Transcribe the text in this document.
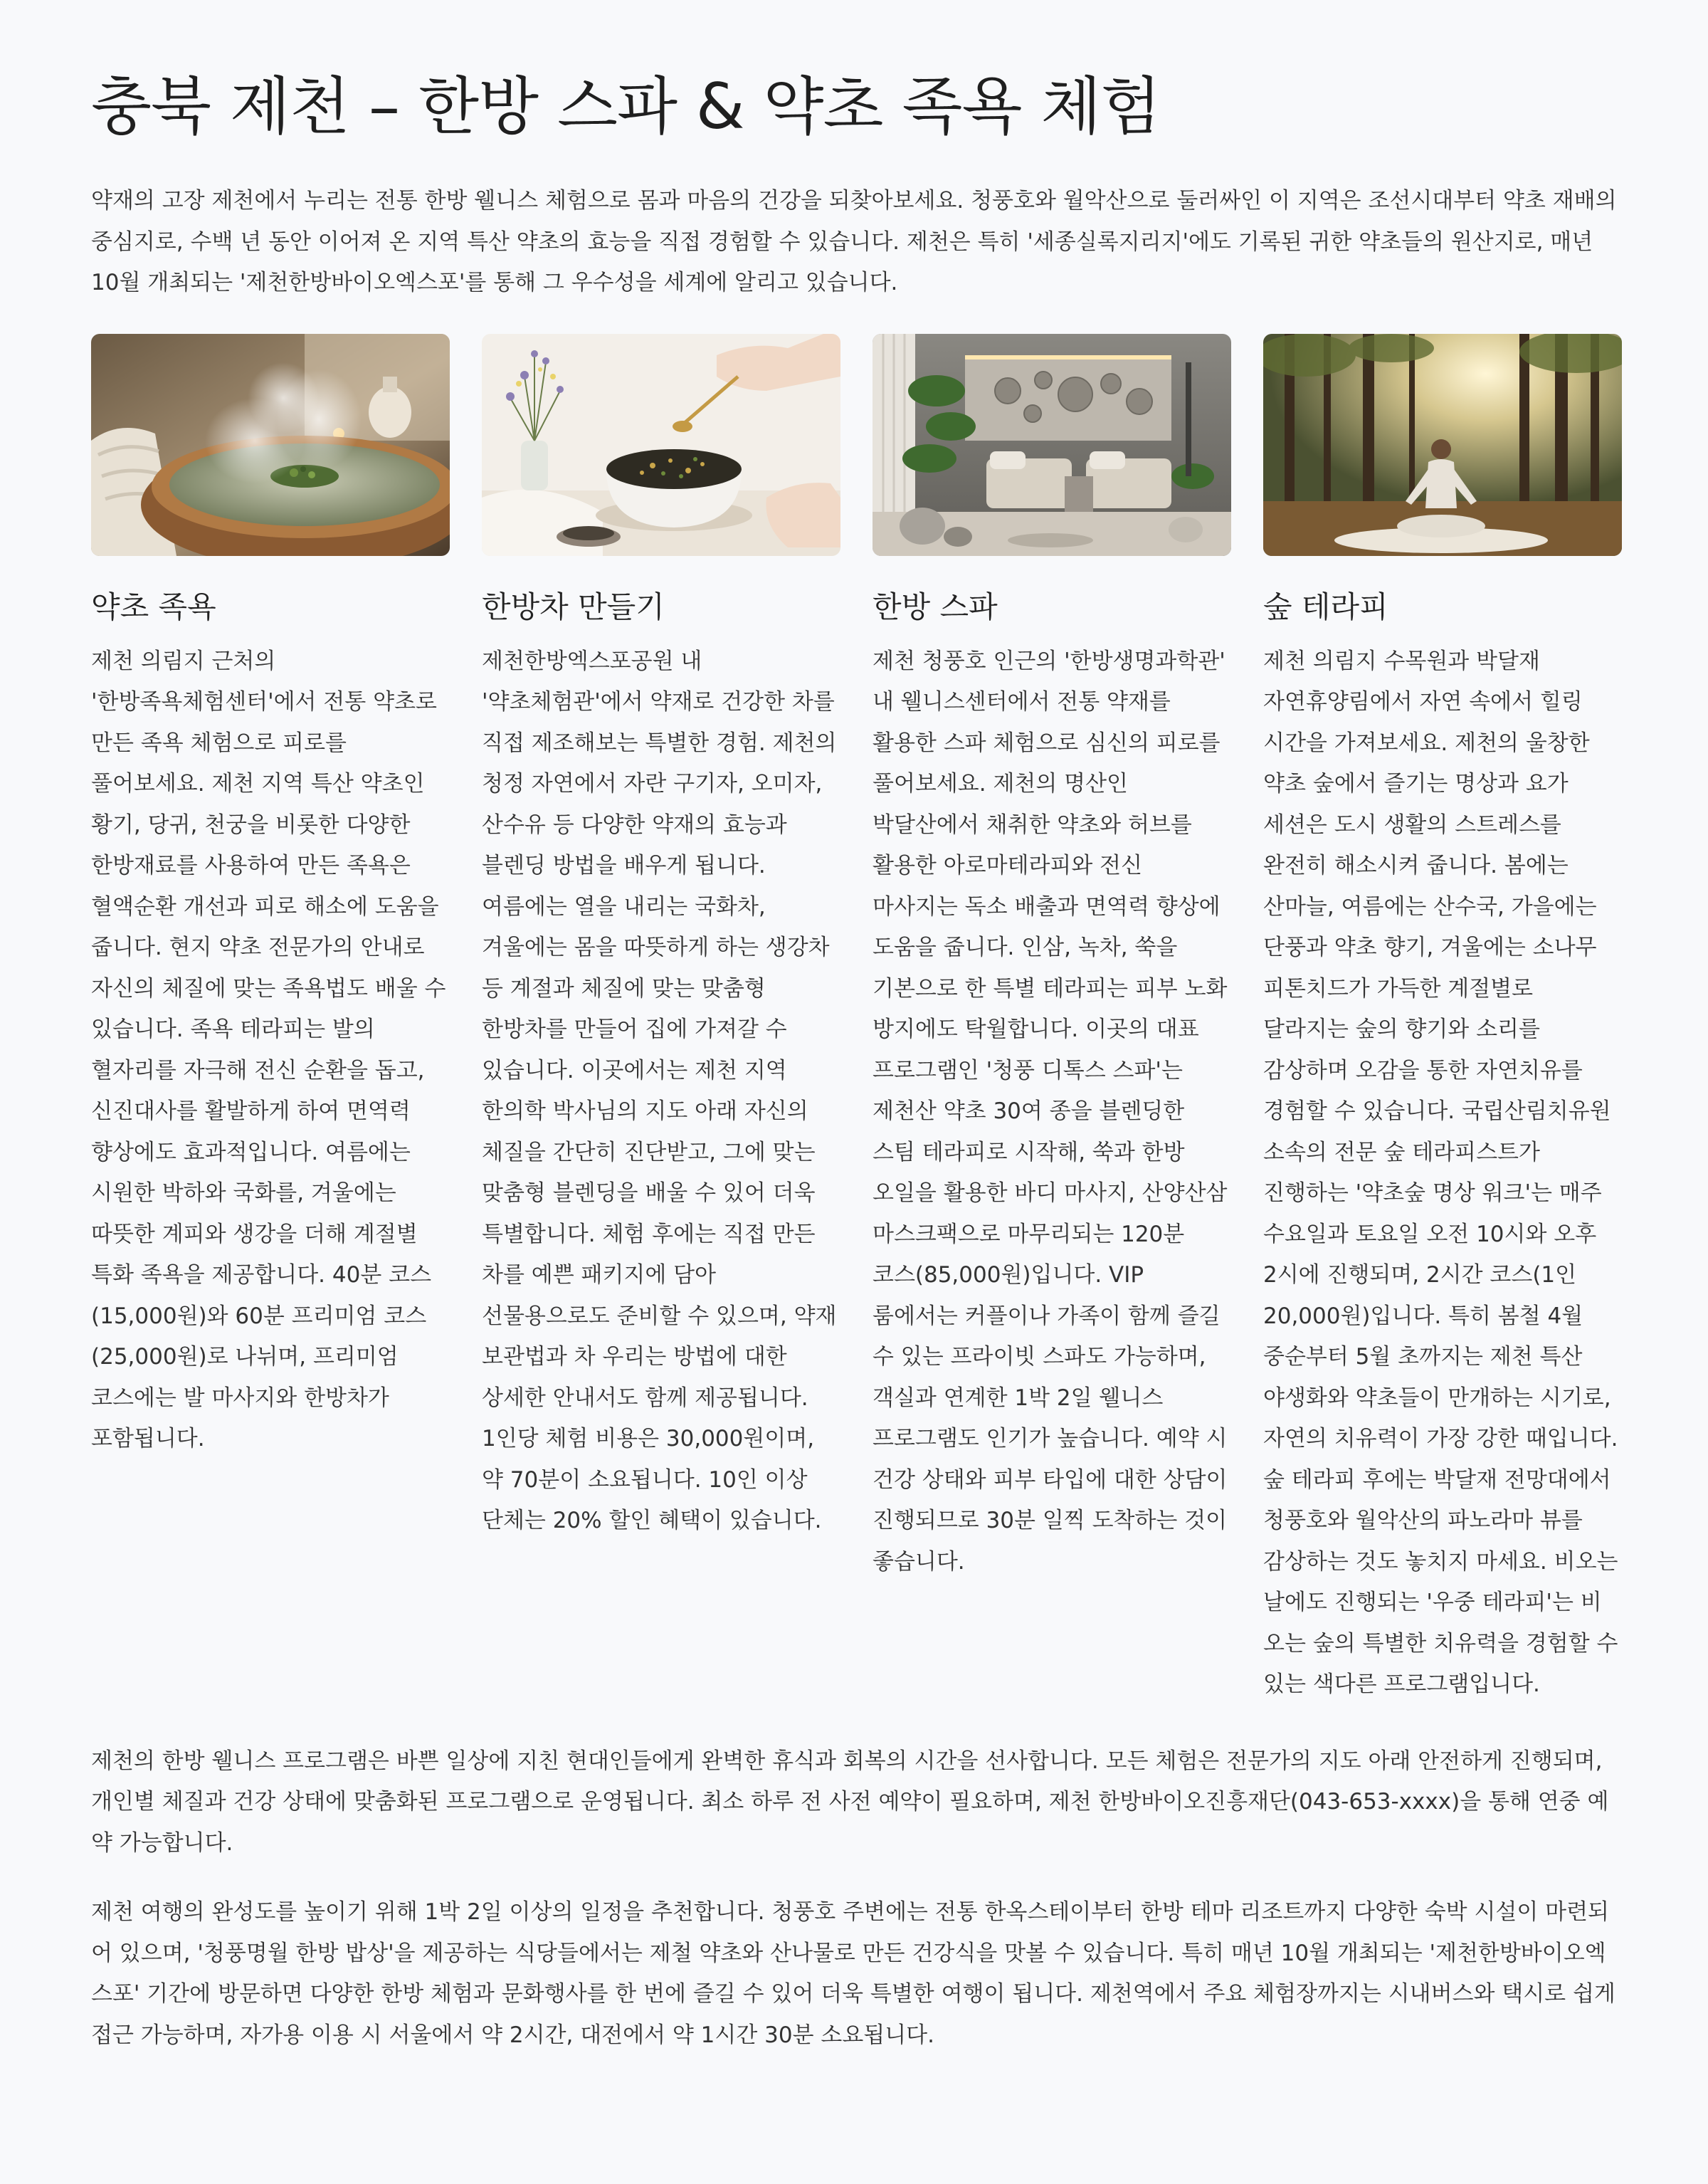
충북 제천 – 한방 스파 & 약초 족욕 체험

약재의 고장 제천에서 누리는 전통 한방 웰니스 체험으로 몸과 마음의 건강을 되찾아보세요. 청풍호와 월악산으로 둘러싸인 이 지역은 조선시대부터 약초 재배의 중심지로, 수백 년 동안 이어져 온 지역 특산 약초의 효능을 직접 경험할 수 있습니다. 제천은 특히 '세종실록지리지'에도 기록된 귀한 약초들의 원산지로, 매년 10월 개최되는 '제천한방바이오엑스포'를 통해 그 우수성을 세계에 알리고 있습니다.

약초 족욕

제천 의림지 근처의 '한방족욕체험센터'에서 전통 약초로 만든 족욕 체험으로 피로를 풀어보세요. 제천 지역 특산 약초인 황기, 당귀, 천궁을 비롯한 다양한 한방재료를 사용하여 만든 족욕은 혈액순환 개선과 피로 해소에 도움을 줍니다. 현지 약초 전문가의 안내로 자신의 체질에 맞는 족욕법도 배울 수 있습니다. 족욕 테라피는 발의 혈자리를 자극해 전신 순환을 돕고, 신진대사를 활발하게 하여 면역력 향상에도 효과적입니다. 여름에는 시원한 박하와 국화를, 겨울에는 따뜻한 계피와 생강을 더해 계절별 특화 족욕을 제공합니다. 40분 코스(15,000원)와 60분 프리미엄 코스(25,000원)로 나뉘며, 프리미엄 코스에는 발 마사지와 한방차가 포함됩니다.

한방차 만들기

제천한방엑스포공원 내 '약초체험관'에서 약재로 건강한 차를 직접 제조해보는 특별한 경험. 제천의 청정 자연에서 자란 구기자, 오미자, 산수유 등 다양한 약재의 효능과 블렌딩 방법을 배우게 됩니다. 여름에는 열을 내리는 국화차, 겨울에는 몸을 따뜻하게 하는 생강차 등 계절과 체질에 맞는 맞춤형 한방차를 만들어 집에 가져갈 수 있습니다. 이곳에서는 제천 지역 한의학 박사님의 지도 아래 자신의 체질을 간단히 진단받고, 그에 맞는 맞춤형 블렌딩을 배울 수 있어 더욱 특별합니다. 체험 후에는 직접 만든 차를 예쁜 패키지에 담아 선물용으로도 준비할 수 있으며, 약재 보관법과 차 우리는 방법에 대한 상세한 안내서도 함께 제공됩니다. 1인당 체험 비용은 30,000원이며, 약 70분이 소요됩니다. 10인 이상 단체는 20% 할인 혜택이 있습니다.

한방 스파

제천 청풍호 인근의 '한방생명과학관' 내 웰니스센터에서 전통 약재를 활용한 스파 체험으로 심신의 피로를 풀어보세요. 제천의 명산인 박달산에서 채취한 약초와 허브를 활용한 아로마테라피와 전신 마사지는 독소 배출과 면역력 향상에 도움을 줍니다. 인삼, 녹차, 쑥을 기본으로 한 특별 테라피는 피부 노화 방지에도 탁월합니다. 이곳의 대표 프로그램인 '청풍 디톡스 스파'는 제천산 약초 30여 종을 블렌딩한 스팀 테라피로 시작해, 쑥과 한방 오일을 활용한 바디 마사지, 산양산삼 마스크팩으로 마무리되는 120분 코스(85,000원)입니다. VIP 룸에서는 커플이나 가족이 함께 즐길 수 있는 프라이빗 스파도 가능하며, 객실과 연계한 1박 2일 웰니스 프로그램도 인기가 높습니다. 예약 시 건강 상태와 피부 타입에 대한 상담이 진행되므로 30분 일찍 도착하는 것이 좋습니다.

숲 테라피

제천 의림지 수목원과 박달재 자연휴양림에서 자연 속에서 힐링 시간을 가져보세요. 제천의 울창한 약초 숲에서 즐기는 명상과 요가 세션은 도시 생활의 스트레스를 완전히 해소시켜 줍니다. 봄에는 산마늘, 여름에는 산수국, 가을에는 단풍과 약초 향기, 겨울에는 소나무 피톤치드가 가득한 계절별로 달라지는 숲의 향기와 소리를 감상하며 오감을 통한 자연치유를 경험할 수 있습니다. 국립산림치유원 소속의 전문 숲 테라피스트가 진행하는 '약초숲 명상 워크'는 매주 수요일과 토요일 오전 10시와 오후 2시에 진행되며, 2시간 코스(1인 20,000원)입니다. 특히 봄철 4월 중순부터 5월 초까지는 제천 특산 야생화와 약초들이 만개하는 시기로, 자연의 치유력이 가장 강한 때입니다. 숲 테라피 후에는 박달재 전망대에서 청풍호와 월악산의 파노라마 뷰를 감상하는 것도 놓치지 마세요. 비오는 날에도 진행되는 '우중 테라피'는 비 오는 숲의 특별한 치유력을 경험할 수 있는 색다른 프로그램입니다.

제천의 한방 웰니스 프로그램은 바쁜 일상에 지친 현대인들에게 완벽한 휴식과 회복의 시간을 선사합니다. 모든 체험은 전문가의 지도 아래 안전하게 진행되며, 개인별 체질과 건강 상태에 맞춤화된 프로그램으로 운영됩니다. 최소 하루 전 사전 예약이 필요하며, 제천 한방바이오진흥재단(043-653-xxxx)을 통해 연중 예약 가능합니다.

제천 여행의 완성도를 높이기 위해 1박 2일 이상의 일정을 추천합니다. 청풍호 주변에는 전통 한옥스테이부터 한방 테마 리조트까지 다양한 숙박 시설이 마련되어 있으며, '청풍명월 한방 밥상'을 제공하는 식당들에서는 제철 약초와 산나물로 만든 건강식을 맛볼 수 있습니다. 특히 매년 10월 개최되는 '제천한방바이오엑스포' 기간에 방문하면 다양한 한방 체험과 문화행사를 한 번에 즐길 수 있어 더욱 특별한 여행이 됩니다. 제천역에서 주요 체험장까지는 시내버스와 택시로 쉽게 접근 가능하며, 자가용 이용 시 서울에서 약 2시간, 대전에서 약 1시간 30분 소요됩니다.
